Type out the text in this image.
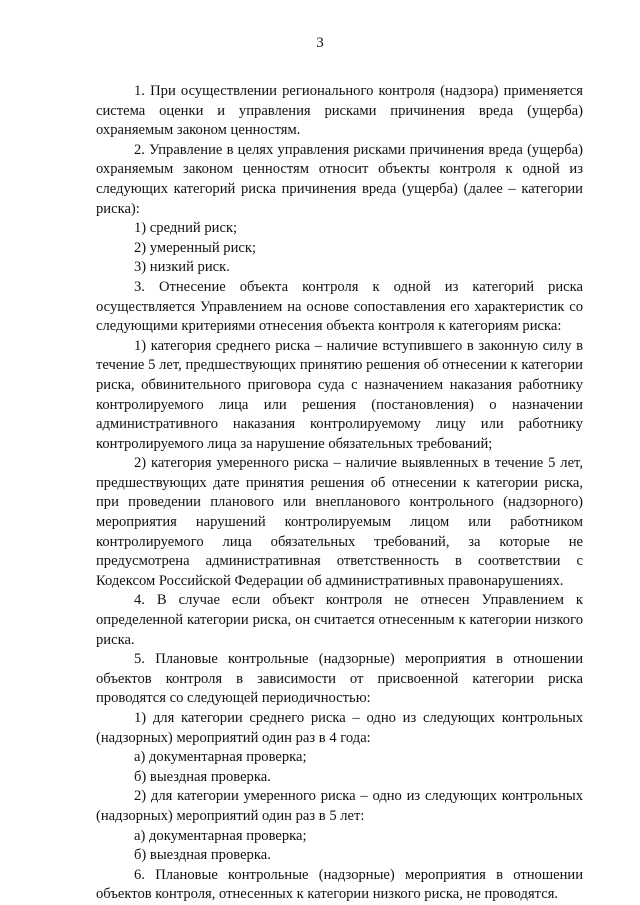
3

1. При осуществлении регионального контроля (надзора) применяется система оценки и управления рисками причинения вреда (ущерба) охраняемым законом ценностям.

2. Управление в целях управления рисками причинения вреда (ущерба) охраняемым законом ценностям относит объекты контроля к одной из следующих категорий риска причинения вреда (ущерба) (далее – категории риска):

1) средний риск;

2) умеренный риск;

3) низкий риск.

3. Отнесение объекта контроля к одной из категорий риска осуществляется Управлением на основе сопоставления его характеристик со следующими критериями отнесения объекта контроля к категориям риска:

1) категория среднего риска – наличие вступившего в законную силу в течение 5 лет, предшествующих принятию решения об отнесении к категории риска, обвинительного приговора суда с назначением наказания работнику контролируемого лица или решения (постановления) о назначении административного наказания контролируемому лицу или работнику контролируемого лица за нарушение обязательных требований;

2) категория умеренного риска – наличие выявленных в течение 5 лет, предшествующих дате принятия решения об отнесении к категории риска, при проведении планового или внепланового контрольного (надзорного) мероприятия нарушений контролируемым лицом или работником контролируемого лица обязательных требований, за которые не предусмотрена административная ответственность в соответствии с Кодексом Российской Федерации об административных правонарушениях.

4. В случае если объект контроля не отнесен Управлением к определенной категории риска, он считается отнесенным к категории низкого риска.

5. Плановые контрольные (надзорные) мероприятия в отношении объектов контроля в зависимости от присвоенной категории риска проводятся со следующей периодичностью:

1) для категории среднего риска – одно из следующих контрольных (надзорных) мероприятий один раз в 4 года:

а) документарная проверка;

б) выездная проверка.

2) для категории умеренного риска – одно из следующих контрольных (надзорных) мероприятий один раз в 5 лет:

а) документарная проверка;

б) выездная проверка.

6. Плановые контрольные (надзорные) мероприятия в отношении объектов контроля, отнесенных к категории низкого риска, не проводятся.
